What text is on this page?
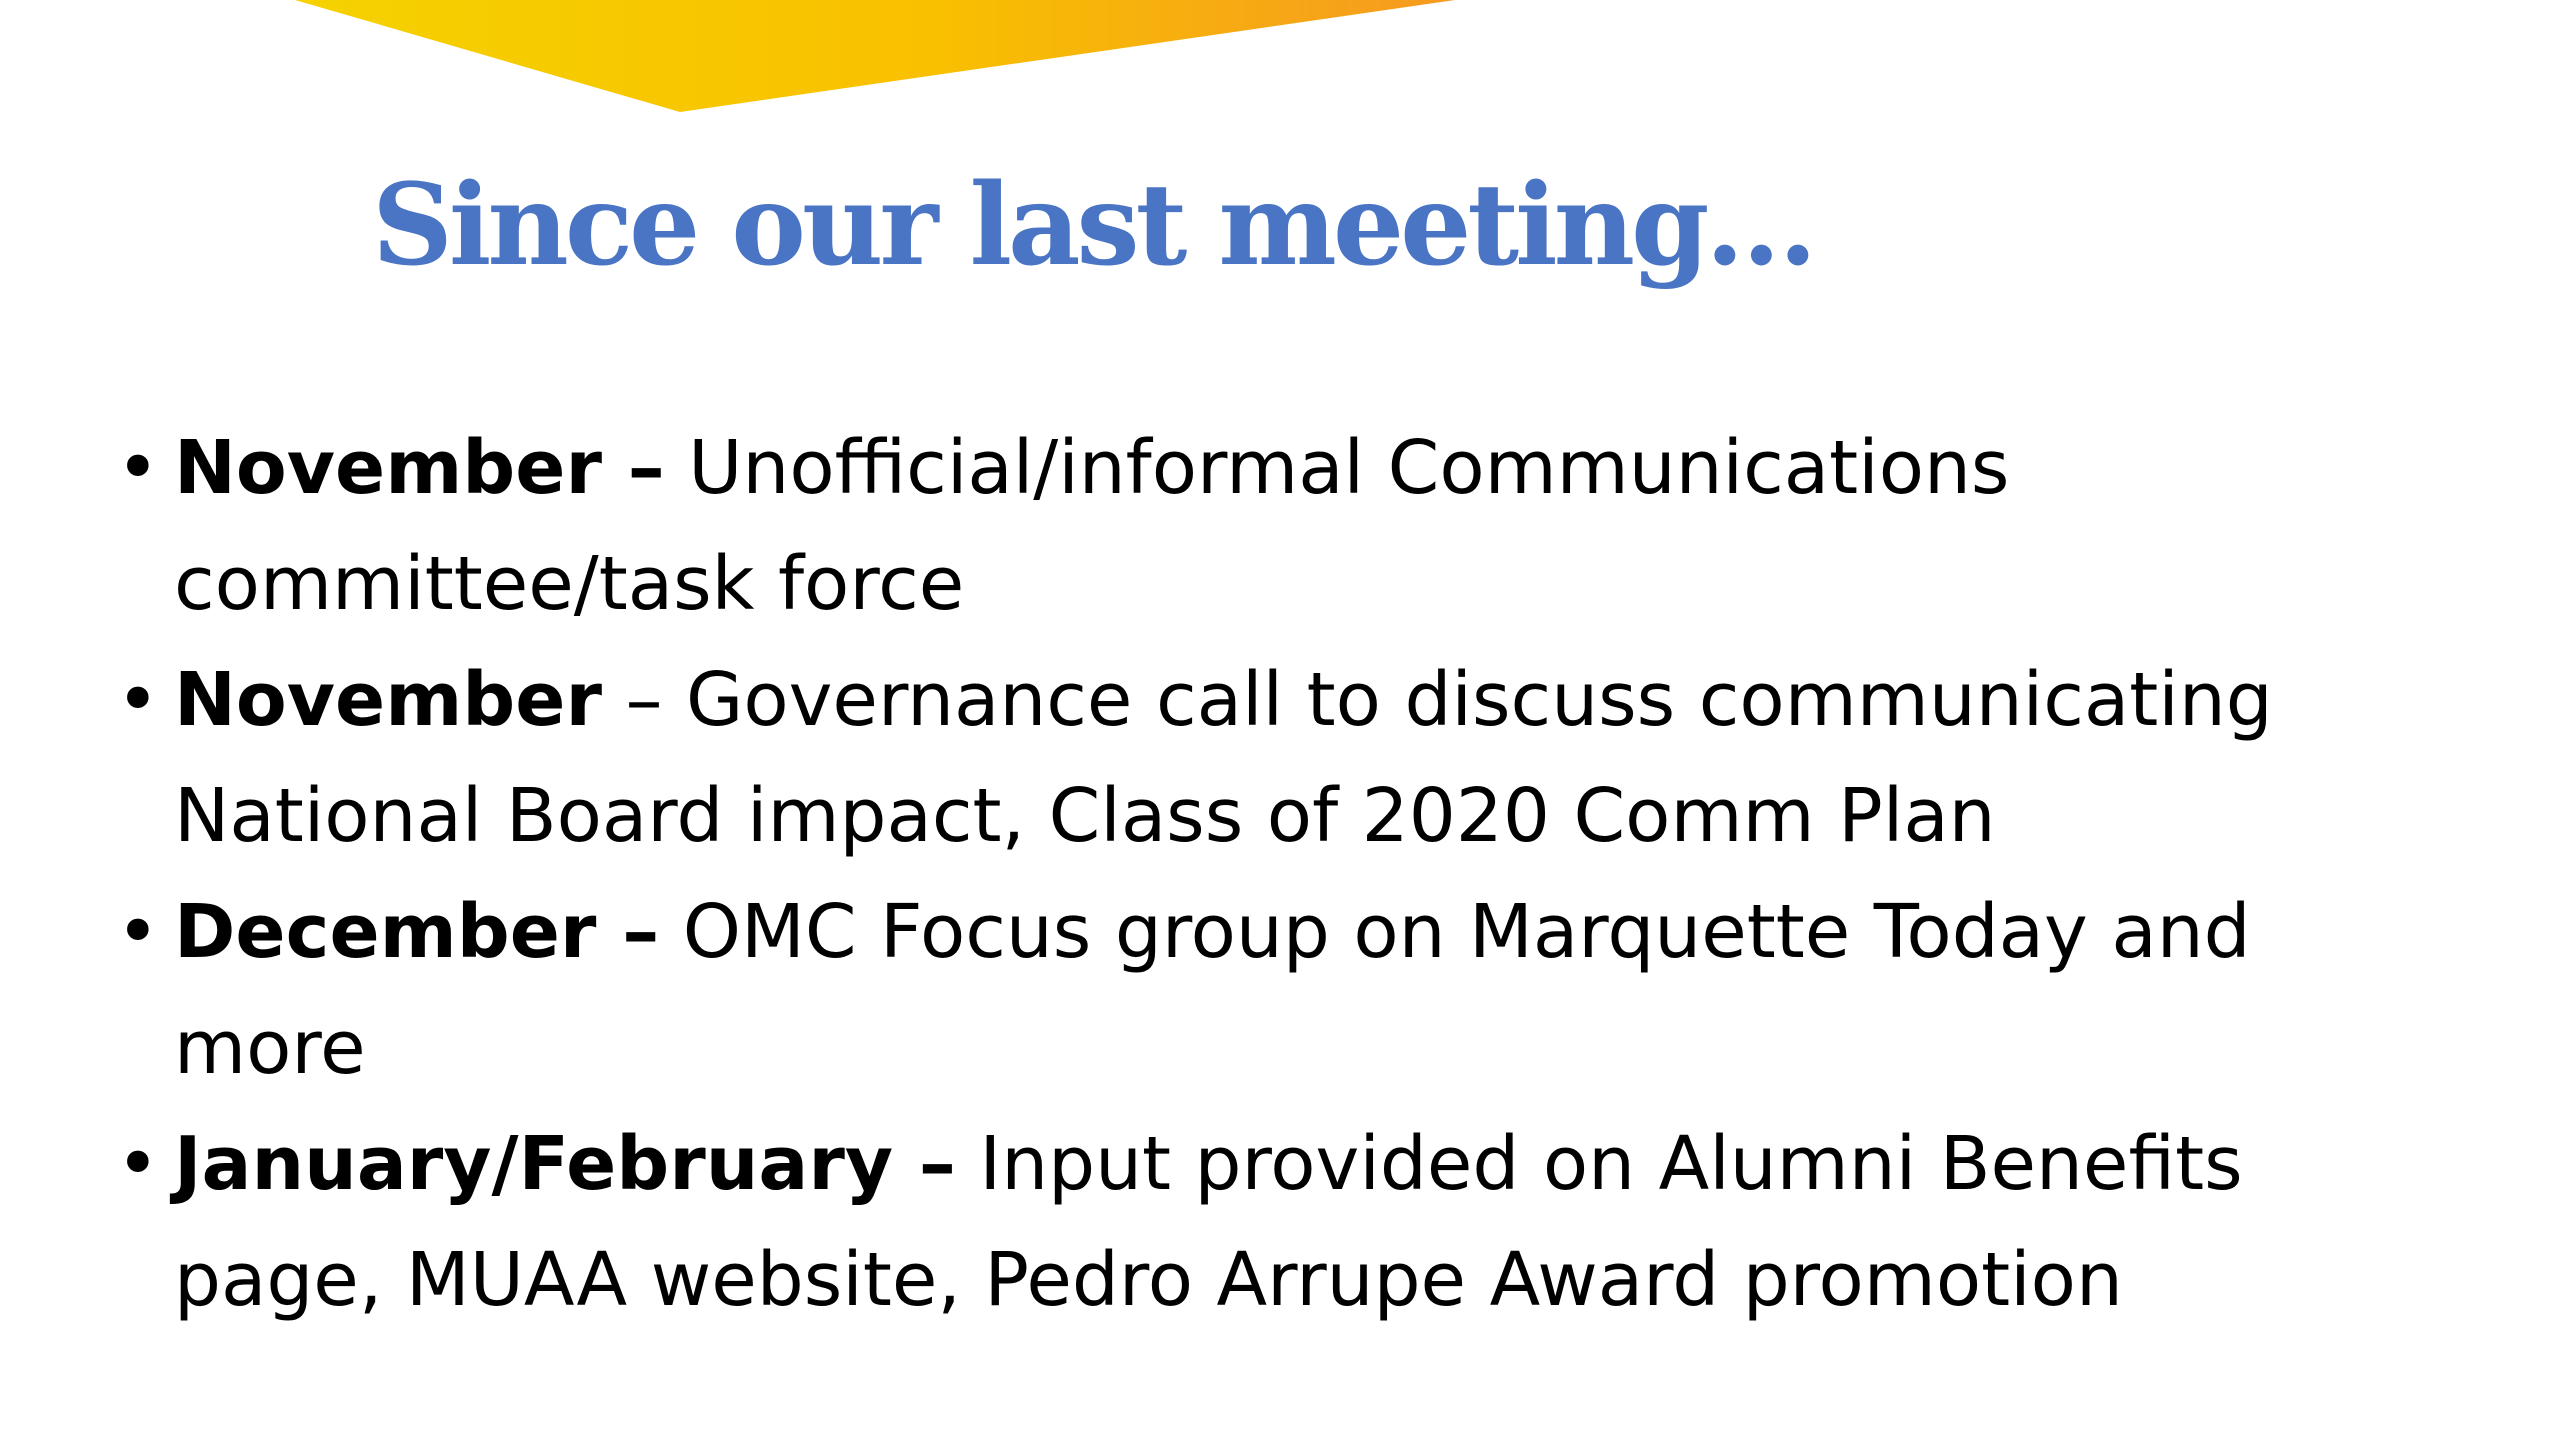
Since our last meeting…
• November – Unofficial/informal Communications
committee/task force
• November – Governance call to discuss communicating
National Board impact, Class of 2020 Comm Plan
• December – OMC Focus group on Marquette Today and
more
• January/February – Input provided on Alumni Benefits
page, MUAA website, Pedro Arrupe Award promotion
